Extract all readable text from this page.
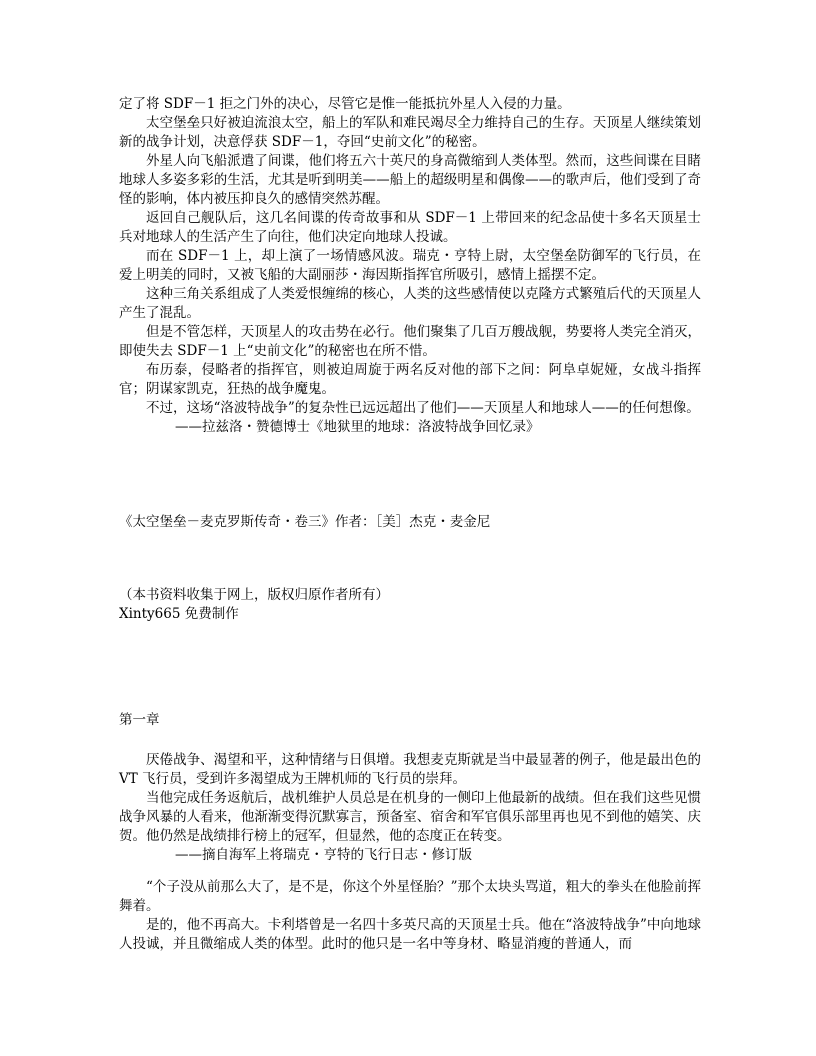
定了将 SDF－1 拒之门外的决心，尽管它是惟一能抵抗外星人入侵的力量。

太空堡垒只好被迫流浪太空，船上的军队和难民竭尽全力维持自己的生存。天顶星人继续策划新的战争计划，决意俘获 SDF－1，夺回“史前文化”的秘密。

外星人向飞船派遣了间谍，他们将五六十英尺的身高微缩到人类体型。然而，这些间谍在目睹地球人多姿多彩的生活，尤其是听到明美——船上的超级明星和偶像——的歌声后，他们受到了奇怪的影响，体内被压抑良久的感情突然苏醒。

返回自己舰队后，这几名间谍的传奇故事和从 SDF－1 上带回来的纪念品使十多名天顶星士兵对地球人的生活产生了向往，他们决定向地球人投诚。

而在 SDF－1 上，却上演了一场情感风波。瑞克・亨特上尉，太空堡垒防御军的飞行员，在爱上明美的同时，又被飞船的大副丽莎・海因斯指挥官所吸引，感情上摇摆不定。

这种三角关系组成了人类爱恨缠绵的核心，人类的这些感情使以克隆方式繁殖后代的天顶星人产生了混乱。

但是不管怎样，天顶星人的攻击势在必行。他们聚集了几百万艘战舰，势要将人类完全消灭，即使失去 SDF－1 上“史前文化”的秘密也在所不惜。

布历泰，侵略者的指挥官，则被迫周旋于两名反对他的部下之间：阿阜卓妮娅，女战斗指挥官；阴谋家凯克，狂热的战争魔鬼。

不过，这场“洛波特战争”的复杂性已远远超出了他们——天顶星人和地球人——的任何想像。

——拉兹洛・赞德博士《地狱里的地球：洛波特战争回忆录》

《太空堡垒－麦克罗斯传奇・卷三》作者：［美］杰克・麦金尼

（本书资料收集于网上，版权归原作者所有）

Xinty665 免费制作

第一章

厌倦战争、渴望和平，这种情绪与日俱增。我想麦克斯就是当中最显著的例子，他是最出色的 VT 飞行员，受到许多渴望成为王牌机师的飞行员的崇拜。

当他完成任务返航后，战机维护人员总是在机身的一侧印上他最新的战绩。但在我们这些见惯战争风暴的人看来，他渐渐变得沉默寡言，预备室、宿舍和军官俱乐部里再也见不到他的嬉笑、庆贺。他仍然是战绩排行榜上的冠军，但显然，他的态度正在转变。

——摘自海军上将瑞克・亨特的飞行日志・修订版

“个子没从前那么大了，是不是，你这个外星怪胎？”那个太块头骂道，粗大的拳头在他脸前挥舞着。

是的，他不再高大。卡利塔曾是一名四十多英尺高的天顶星士兵。他在“洛波特战争”中向地球人投诚，并且微缩成人类的体型。此时的他只是一名中等身材、略显消瘦的普通人，而
